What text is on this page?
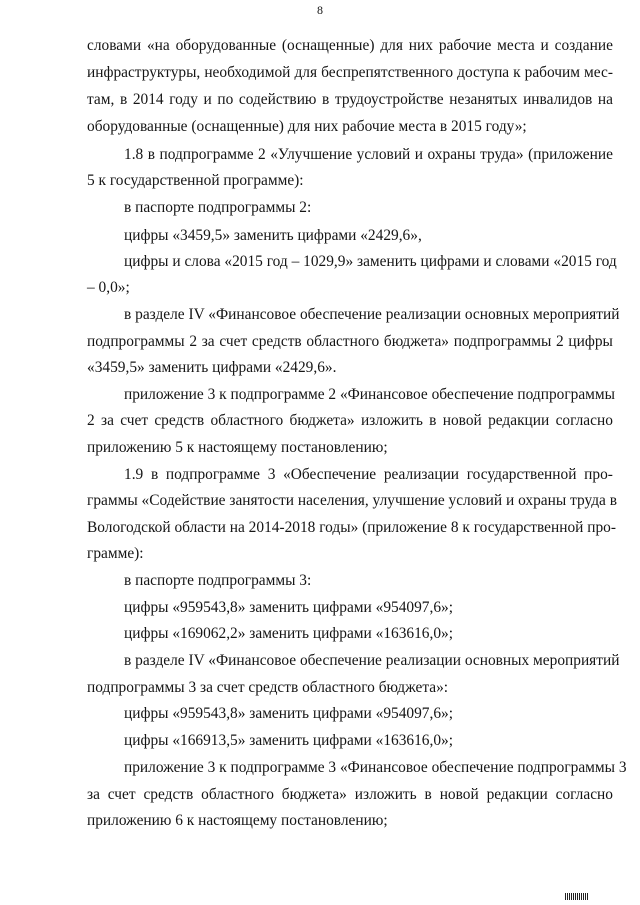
8
словами «на оборудованные (оснащенные) для них рабочие места и создание
инфраструктуры, необходимой для беспрепятственного доступа к рабочим мес-
там, в 2014 году и по содействию в трудоустройстве незанятых инвалидов на
оборудованные (оснащенные) для них рабочие места в 2015 году»;
1.8 в подпрограмме 2 «Улучшение условий и охраны труда» (приложение
5 к государственной программе):
в паспорте подпрограммы 2:
цифры «3459,5» заменить цифрами «2429,6»,
цифры и слова «2015 год – 1029,9» заменить цифрами и словами «2015 год
– 0,0»;
в разделе IV «Финансовое обеспечение реализации основных мероприятий
подпрограммы 2 за счет средств областного бюджета» подпрограммы 2 цифры
«3459,5» заменить цифрами «2429,6».
приложение 3 к подпрограмме 2 «Финансовое обеспечение подпрограммы
2 за счет средств областного бюджета» изложить в новой редакции согласно
приложению 5 к настоящему постановлению;
1.9 в подпрограмме 3 «Обеспечение реализации государственной про-
граммы «Содействие занятости населения, улучшение условий и охраны труда в
Вологодской области на 2014-2018 годы» (приложение 8 к государственной про-
грамме):
в паспорте подпрограммы 3:
цифры «959543,8» заменить цифрами «954097,6»;
цифры «169062,2» заменить цифрами «163616,0»;
в разделе IV «Финансовое обеспечение реализации основных мероприятий
подпрограммы 3 за счет средств областного бюджета»:
цифры «959543,8» заменить цифрами «954097,6»;
цифры «166913,5» заменить цифрами «163616,0»;
приложение 3 к подпрограмме 3 «Финансовое обеспечение подпрограммы 3
за счет средств областного бюджета» изложить в новой редакции согласно
приложению 6 к настоящему постановлению;
